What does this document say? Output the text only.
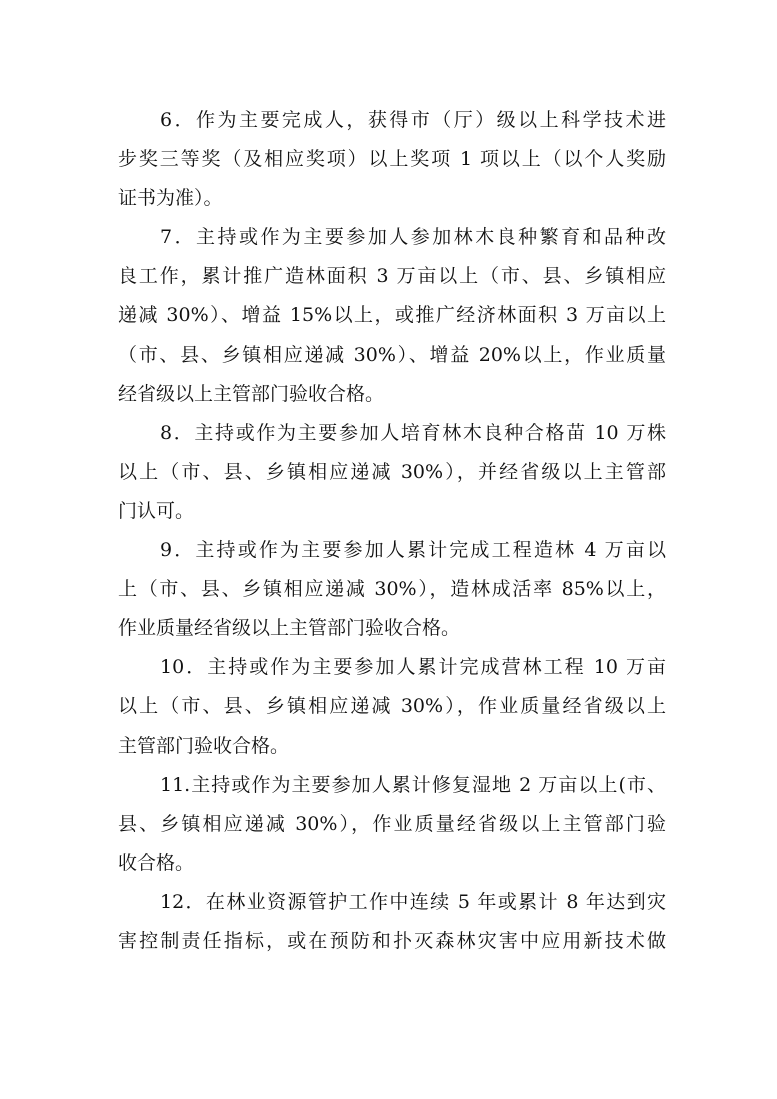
6．作为主要完成人，获得市（厅）级以上科学技术进
步奖三等奖（及相应奖项）以上奖项 1 项以上（以个人奖励
证书为准）。
7．主持或作为主要参加人参加林木良种繁育和品种改
良工作，累计推广造林面积 3 万亩以上（市、县、乡镇相应
递减 30%）、增益 15%以上，或推广经济林面积 3 万亩以上
（市、县、乡镇相应递减 30%）、增益 20%以上，作业质量
经省级以上主管部门验收合格。
8．主持或作为主要参加人培育林木良种合格苗 10 万株
以上（市、县、乡镇相应递减 30%），并经省级以上主管部
门认可。
9．主持或作为主要参加人累计完成工程造林 4 万亩以
上（市、县、乡镇相应递减 30%），造林成活率 85%以上，
作业质量经省级以上主管部门验收合格。
10．主持或作为主要参加人累计完成营林工程 10 万亩
以上（市、县、乡镇相应递减 30%），作业质量经省级以上
主管部门验收合格。
11.主持或作为主要参加人累计修复湿地 2 万亩以上(市、
县、乡镇相应递减 30%），作业质量经省级以上主管部门验
收合格。
12．在林业资源管护工作中连续 5 年或累计 8 年达到灾
害控制责任指标，或在预防和扑灭森林灾害中应用新技术做
